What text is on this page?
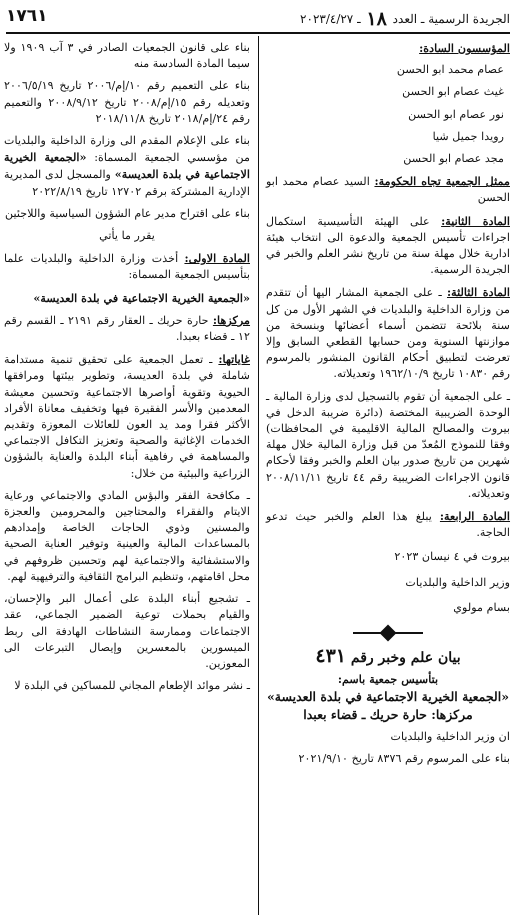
الجريدة الرسمية ـ العدد ١٨ ـ ٢٠٢٣/٤/٢٧
١٧٦١

المؤسسون السادة:

عصام محمد ابو الحسن
غيث عصام ابو الحسن
نور عصام ابو الحسن
رويدا جميل شيا
مجد عصام ابو الحسن

ممثل الجمعية تجاه الحكومة: السيد عصام محمد ابو الحسن

المادة الثانية: على الهيئة التأسيسية استكمال اجراءات تأسيس الجمعية والدعوة الى انتخاب هيئة ادارية خلال مهلة سنة من تاريخ نشر العلم والخبر في الجريدة الرسمية.

المادة الثالثة: ـ على الجمعية المشار اليها أن تتقدم من وزارة الداخلية والبلديات في الشهر الأول من كل سنة بلائحة تتضمن أسماء أعضائها وبنسخة من موازنتها السنوية ومن حسابها القطعي السابق وإلا تعرضت لتطبيق أحكام القانون المنشور بالمرسوم رقم ١٠٨٣٠ تاريخ ١٩٦٢/١٠/٩ وتعديلاته.

ـ على الجمعية أن تقوم بالتسجيل لدى وزارة المالية ـ الوحدة الضريبية المختصة (دائرة ضريبة الدخل في بيروت والمصالح المالية الاقليمية في المحافظات) وفقا للنموذج المُعدّ من قبل وزارة المالية خلال مهلة شهرين من تاريخ صدور بيان العلم والخبر وفقا لأحكام قانون الاجراءات الضريبية رقم ٤٤ تاريخ ٢٠٠٨/١١/١١ وتعديلاته.

المادة الرابعة: يبلغ هذا العلم والخبر حيث تدعو الحاجة.

بيروت في ٤ نيسان ٢٠٢٣
وزير الداخلية والبلديات
بسام مولوي
بيان علم وخبر رقم ٤٣١
بتأسيس جمعية باسم:
«الجمعية الخيرية الاجتماعية في بلدة العديسة»
مركزها: حارة حريك ـ قضاء بعبدا

ان وزير الداخلية والبلديات

بناء على المرسوم رقم ٨٣٧٦ تاريخ ٢٠٢١/٩/١٠

بناء على قانون الجمعيات الصادر في ٣ آب ١٩٠٩ ولا سيما المادة السادسة منه

بناء على التعميم رقم ١٠/إم/٢٠٠٦ تاريخ ٢٠٠٦/٥/١٩ وتعديله رقم ١٥/إم/٢٠٠٨ تاريخ ٢٠٠٨/٩/١٢ والتعميم رقم ٢٤/إم/٢٠١٨ تاريخ ٢٠١٨/١١/٨

بناء على الإعلام المقدم الى وزارة الداخلية والبلديات من مؤسسي الجمعية المسماة: «الجمعية الخيرية الاجتماعية في بلدة العديسة» والمسجل لدى المديرية الإدارية المشتركة برقم ١٢٧٠٢ تاريخ ٢٠٢٢/٨/١٩

بناء على اقتراح مدير عام الشؤون السياسية واللاجئين

يقرر ما يأتي

المادة الاولى: أخذت وزارة الداخلية والبلديات علما بتأسيس الجمعية المسماة:

«الجمعية الخيرية الاجتماعية في بلدة العديسة»

مركزها: حارة حريك ـ العقار رقم ٢١٩١ ـ القسم رقم ١٢ ـ قضاء بعبدا.

غاياتها: ـ تعمل الجمعية على تحقيق تنمية مستدامة شاملة في بلدة العديسة، وتطوير بيئتها ومرافقها الحيوية وتقوية أواصرها الاجتماعية وتحسين معيشة المعدمين والأسر الفقيرة فيها وتخفيف معاناة الأفراد الأكثر فقرا ومد يد العون للعائلات المعوزة وتقديم الخدمات الإغاثية والصحية وتعزيز التكافل الاجتماعي والمساهمة في رفاهية أبناء البلدة والعناية بالشؤون الزراعية والبيئية من خلال:

ـ مكافحة الفقر والبؤس المادي والاجتماعي ورعاية الايتام والفقراء والمحتاجين والمحرومين والعجزة والمسنين وذوي الحاجات الخاصة وإمدادهم بالمساعدات المالية والعينية وتوفير العناية الصحية والاستشفائية والاجتماعية لهم وتحسين ظروفهم في محل اقامتهم، وتنظيم البرامج الثقافية والترفيهية لهم.

ـ تشجيع أبناء البلدة على أعمال البر والإحسان، والقيام بحملات توعية الضمير الجماعي، عقد الاجتماعات وممارسة النشاطات الهادفة الى ربط الميسورين بالمعسرين وإيصال التبرعات الى المعوزين.

ـ نشر موائد الإطعام المجاني للمساكين في البلدة لا
